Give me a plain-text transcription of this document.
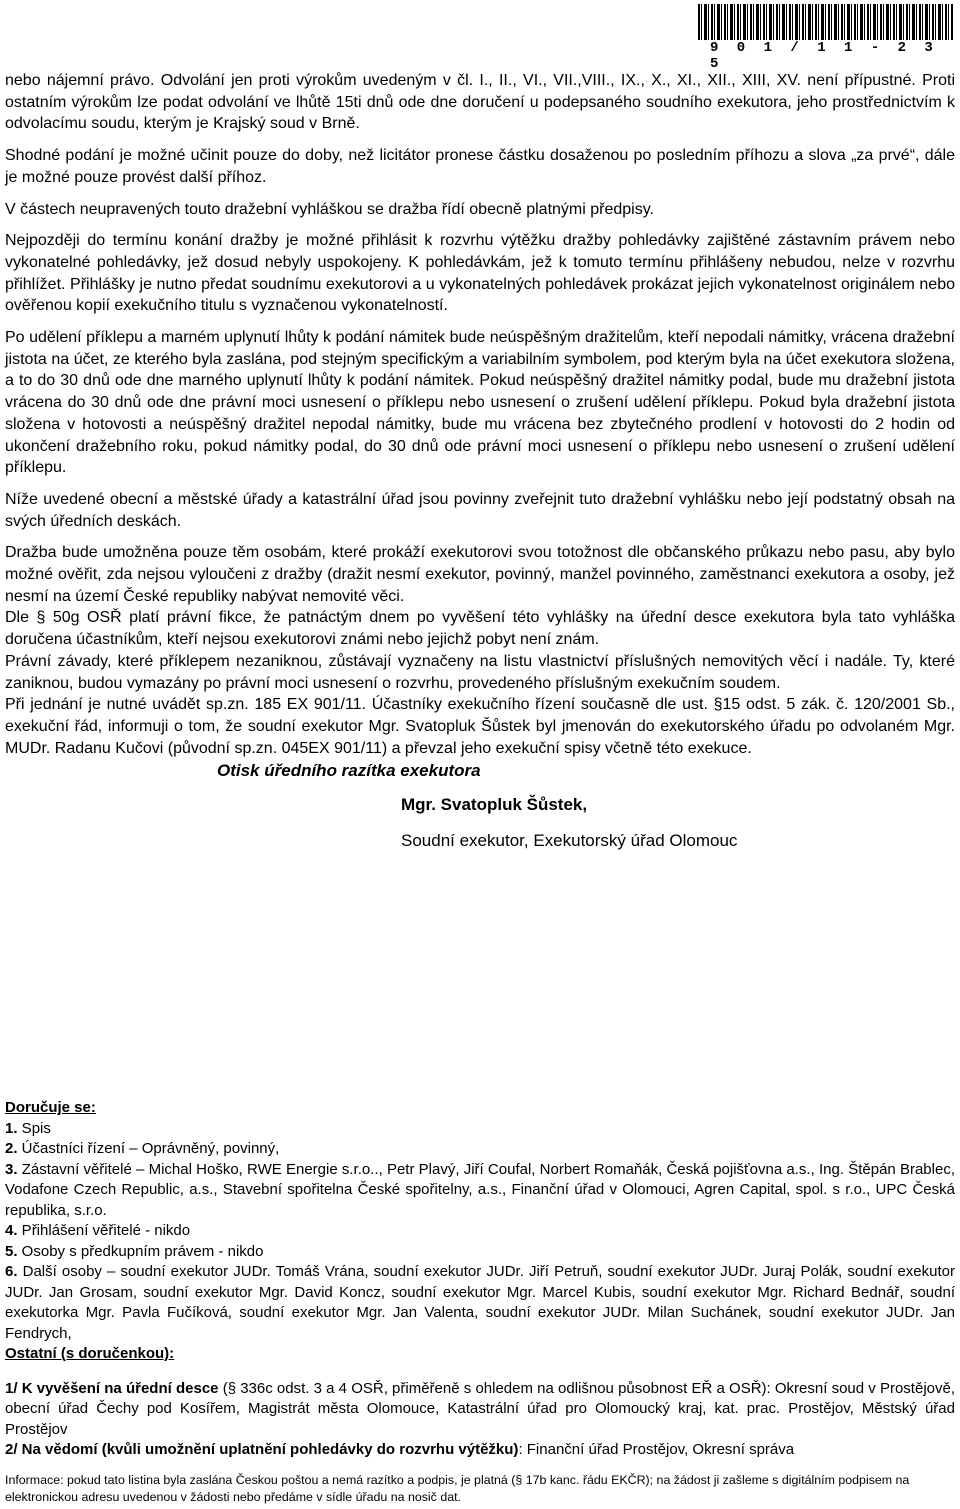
9 0 1 / 1 1 - 2 3 5

nebo nájemní právo. Odvolání jen proti výrokům uvedeným v čl. I., II., VI., VII.,VIII., IX., X., XI., XII., XIII, XV. není přípustné. Proti ostatním výrokům lze podat odvolání ve lhůtě 15ti dnů ode dne doručení u podepsaného soudního exekutora, jeho prostřednictvím k odvolacímu soudu, kterým je Krajský soud v Brně.

Shodné podání je možné učinit pouze do doby, než licitátor pronese částku dosaženou po posledním příhozu a slova „za prvé“, dále je možné pouze provést další příhoz.

V částech neupravených touto dražební vyhláškou se dražba řídí obecně platnými předpisy.

Nejpozději do termínu konání dražby je možné přihlásit k rozvrhu výtěžku dražby pohledávky zajištěné zástavním právem nebo vykonatelné pohledávky, jež dosud nebyly uspokojeny. K pohledávkám, jež k tomuto termínu přihlášeny nebudou, nelze v rozvrhu přihlížet. Přihlášky je nutno předat soudnímu exekutorovi a u vykonatelných pohledávek prokázat jejich vykonatelnost originálem nebo ověřenou kopií exekučního titulu s vyznačenou vykonatelností.

Po udělení příklepu a marném uplynutí lhůty k podání námitek bude neúspěšným dražitelům, kteří nepodali námitky, vrácena dražební jistota na účet, ze kterého byla zaslána, pod stejným specifickým a variabilním symbolem, pod kterým byla na účet exekutora složena, a to do 30 dnů ode dne marného uplynutí lhůty k podání námitek. Pokud neúspěšný dražitel námitky podal, bude mu dražební jistota vrácena do 30 dnů ode dne právní moci usnesení o příklepu nebo usnesení o zrušení udělení příklepu. Pokud byla dražební jistota složena v hotovosti a neúspěšný dražitel nepodal námitky, bude mu vrácena bez zbytečného prodlení v hotovosti do 2 hodin od ukončení dražebního roku, pokud námitky podal, do 30 dnů ode právní moci usnesení o příklepu nebo usnesení o zrušení udělení příklepu.

Níže uvedené obecní a městské úřady a katastrální úřad jsou povinny zveřejnit tuto dražební vyhlášku nebo její podstatný obsah na svých úředních deskách.

Dražba bude umožněna pouze těm osobám, které prokáží exekutorovi svou totožnost dle občanského průkazu nebo pasu, aby bylo možné ověřit, zda nejsou vyloučeni z dražby (dražit nesmí exekutor, povinný, manžel povinného, zaměstnanci exekutora a osoby, jež nesmí na území České republiky nabývat nemovité věci.

Dle § 50g OSŘ platí právní fikce, že patnáctým dnem po vyvěšení této vyhlášky na úřední desce exekutora byla tato vyhláška doručena účastníkům, kteří nejsou exekutorovi známi nebo jejichž pobyt není znám.

Právní závady, které příklepem nezaniknou, zůstávají vyznačeny na listu vlastnictví příslušných nemovitých věcí i nadále. Ty, které zaniknou, budou vymazány po právní moci usnesení o rozvrhu, provedeného příslušným exekučním soudem.

Při jednání je nutné uvádět sp.zn. 185 EX 901/11. Účastníky exekučního řízení současně dle ust. §15 odst. 5 zák. č. 120/2001 Sb., exekuční řád, informuji o tom, že soudní exekutor Mgr. Svatopluk Šůstek byl jmenován do exekutorského úřadu po odvolaném Mgr. MUDr. Radanu Kučovi (původní sp.zn. 045EX 901/11) a převzal jeho exekuční spisy včetně této exekuce.

Otisk úředního razítka exekutora

Mgr. Svatopluk Šůstek,

Soudní exekutor, Exekutorský úřad Olomouc

Doručuje se:

1. Spis

2. Účastníci řízení – Oprávněný, povinný,

3. Zástavní věřitelé – Michal Hoško, RWE Energie s.r.o.., Petr Plavý, Jiří Coufal, Norbert Romaňák, Česká pojišťovna a.s., Ing. Štěpán Brablec, Vodafone Czech Republic, a.s., Stavební spořitelna České spořitelny, a.s., Finanční úřad v Olomouci, Agren Capital, spol. s r.o., UPC Česká republika, s.r.o.

4. Přihlášení věřitelé - nikdo

5. Osoby s předkupním právem - nikdo

6. Další osoby – soudní exekutor JUDr. Tomáš Vrána, soudní exekutor JUDr. Jiří Petruň, soudní exekutor JUDr. Juraj Polák, soudní exekutor JUDr. Jan Grosam, soudní exekutor Mgr. David Koncz, soudní exekutor Mgr. Marcel Kubis, soudní exekutor Mgr. Richard Bednář, soudní exekutorka Mgr. Pavla Fučíková, soudní exekutor Mgr. Jan Valenta, soudní exekutor JUDr. Milan Suchánek, soudní exekutor JUDr. Jan Fendrych,

Ostatní (s doručenkou):

1/ K vyvěšení na úřední desce (§ 336c odst. 3 a 4 OSŘ, přiměřeně s ohledem na odlišnou působnost EŘ a OSŘ): Okresní soud v Prostějově, obecní úřad Čechy pod Kosířem, Magistrát města Olomouce, Katastrální úřad pro Olomoucký kraj, kat. prac. Prostějov, Městský úřad Prostějov

2/ Na vědomí (kvůli umožnění uplatnění pohledávky do rozvrhu výtěžku): Finanční úřad Prostějov, Okresní správa

Informace: pokud tato listina byla zaslána Českou poštou a nemá razítko a podpis, je platná (§ 17b kanc. řádu EKČR); na žádost ji zašleme s digitálním podpisem na elektronickou adresu uvedenou v žádosti nebo předáme v sídle úřadu na nosič dat.
